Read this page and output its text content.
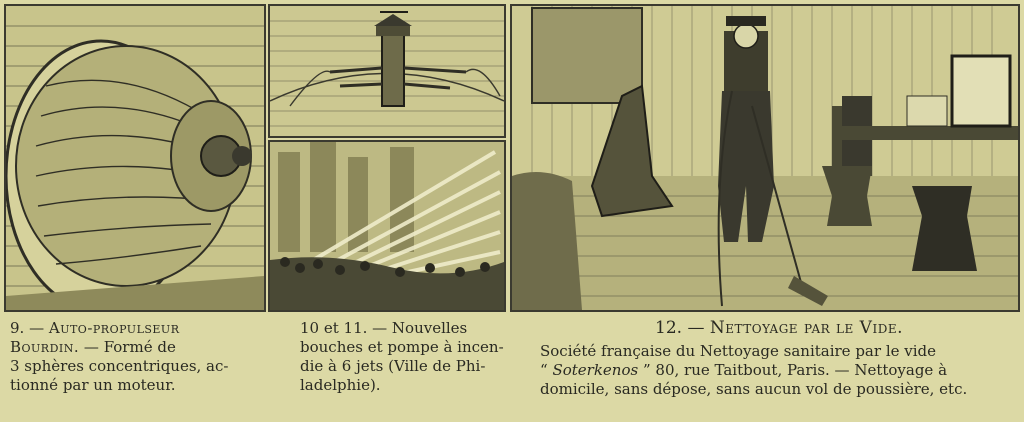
9. — Auto-propulseur
Bourdin. — Formé de
3 sphères concentriques, ac-
tionné par un moteur.
10 et 11. — Nouvelles
bouches et pompe à incen-
die à 6 jets (Ville de Phi-
ladelphie).
12. — Nettoyage par le Vide.
Société française du Nettoyage sanitaire par le vide
“ Soterkenos ” 80, rue Taitbout, Paris. — Nettoyage à
domicile, sans dépose, sans aucun vol de poussière, etc.
